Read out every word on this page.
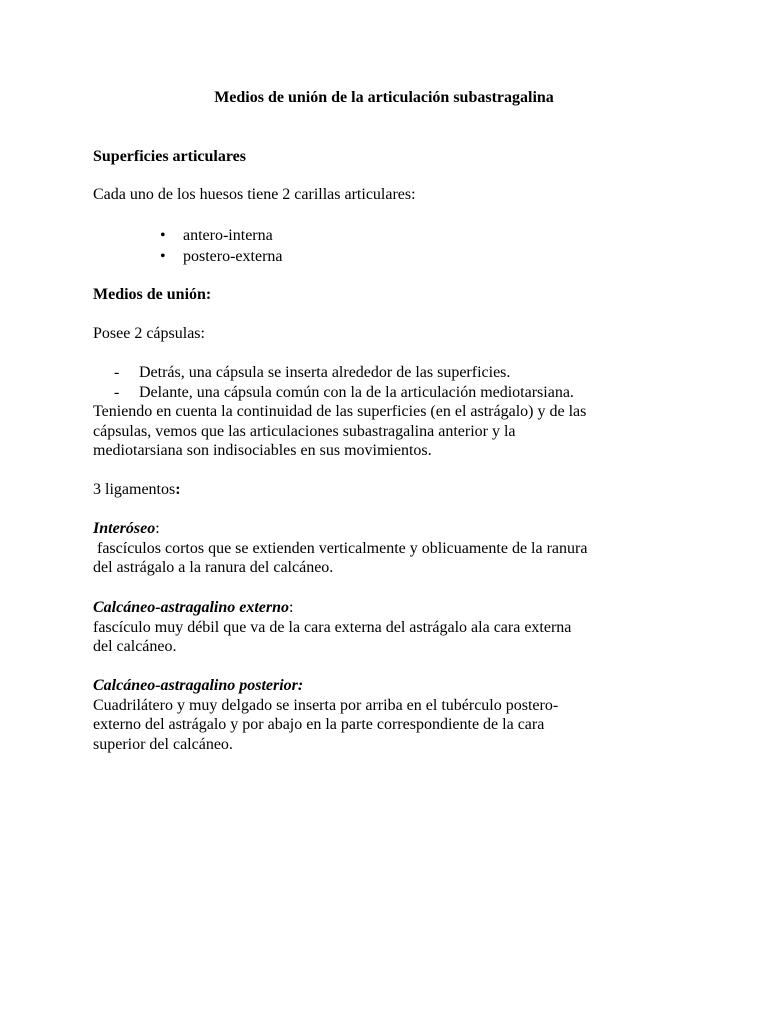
Medios de unión de la articulación subastragalina

Superficies articulares

Cada uno de los huesos tiene 2 carillas articulares:

• antero-interna
• postero-externa

Medios de unión:

Posee 2 cápsulas:

- Detrás, una cápsula se inserta alrededor de las superficies.
- Delante, una cápsula común con la de la articulación mediotarsiana.
Teniendo en cuenta la continuidad de las superficies (en el astrágalo) y de las
cápsulas, vemos que las articulaciones subastragalina anterior y la
mediotarsiana son indisociables en sus movimientos.

3 ligamentos:

Interóseo:
fascículos cortos que se extienden verticalmente y oblicuamente de la ranura
del astrágalo a la ranura del calcáneo.
Calcáneo-astragalino externo:
fascículo muy débil que va de la cara externa del astrágalo ala cara externa
del calcáneo.
Calcáneo-astragalino posterior:
Cuadrilátero y muy delgado se inserta por arriba en el tubérculo postero-
externo del astrágalo y por abajo en la parte correspondiente de la cara
superior del calcáneo.
